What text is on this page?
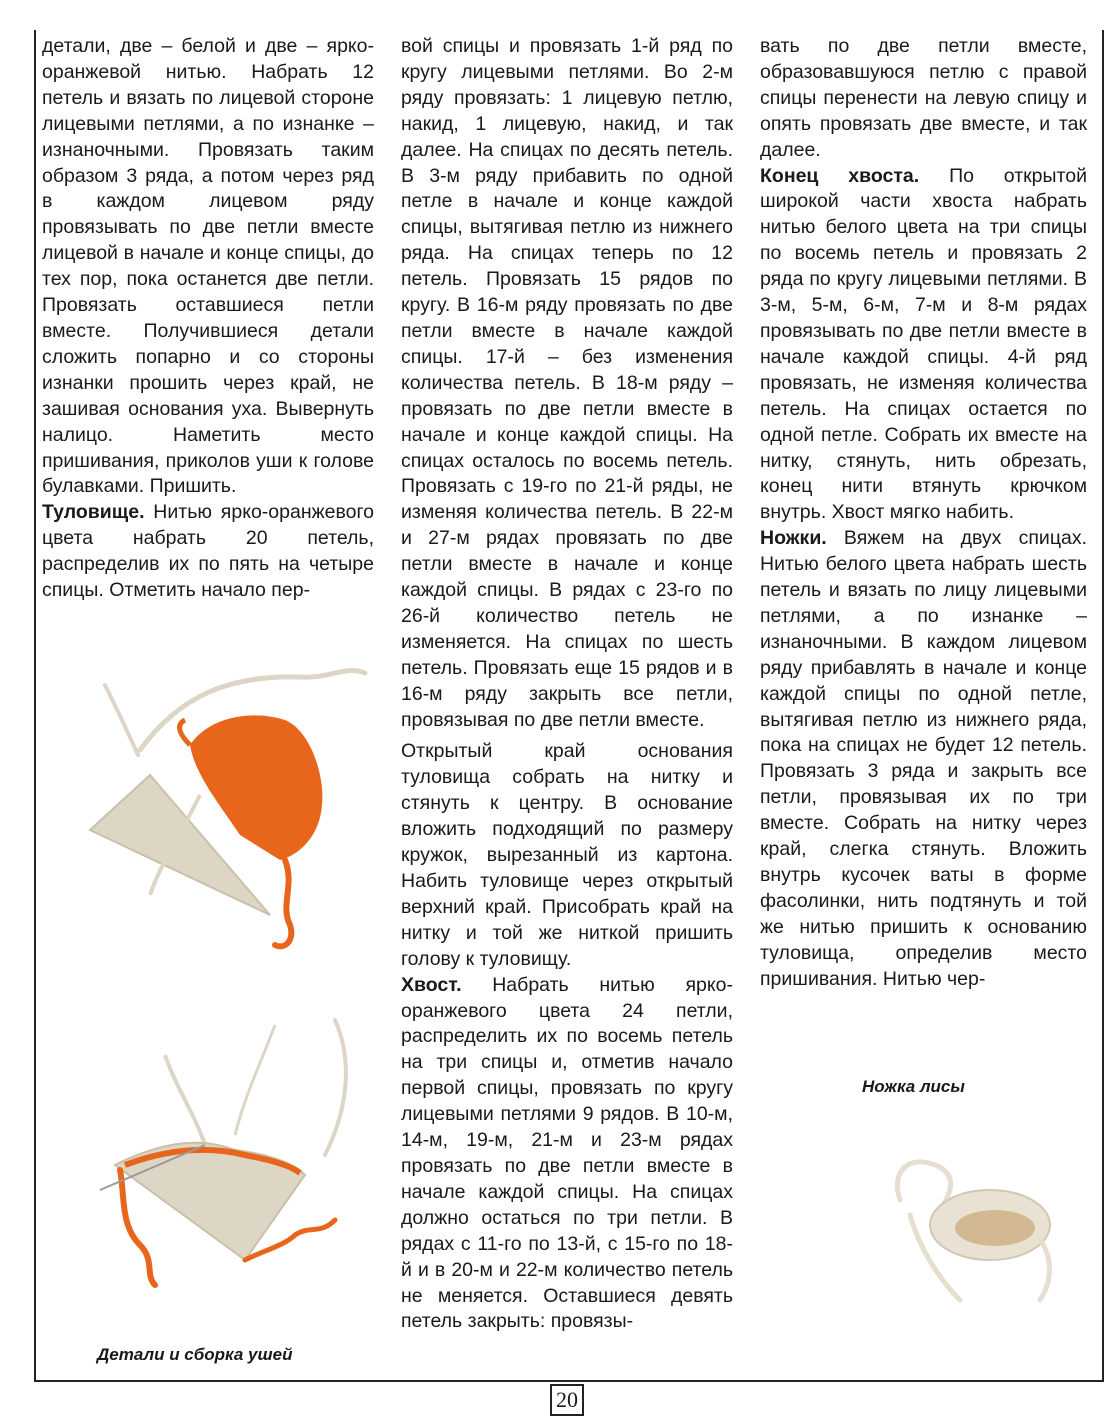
детали, две – белой и две – ярко-оранжевой нитью. Набрать 12 петель и вязать по лицевой стороне лицевыми петлями, а по изнанке – изнаночными. Провязать таким образом 3 ряда, а потом через ряд в каждом лицевом ряду провязывать по две петли вместе лицевой в начале и конце спицы, до тех пор, пока останется две петли. Провязать оставшиеся петли вместе. Получившиеся детали сложить попарно и со стороны изнанки прошить через край, не зашивая основания уха. Вывернуть налицо. Наметить место пришивания, приколов уши к голове булавками. Пришить.

Туловище. Нитью ярко-оранжевого цвета набрать 20 петель, распределив их по пять на четыре спицы. Отметить начало пер-

вой спицы и провязать 1-й ряд по кругу лицевыми петлями. Во 2-м ряду провязать: 1 лицевую петлю, накид, 1 лицевую, накид, и так далее. На спицах по десять петель. В 3-м ряду прибавить по одной петле в начале и конце каждой спицы, вытягивая петлю из нижнего ряда. На спицах теперь по 12 петель. Провязать 15 рядов по кругу. В 16-м ряду провязать по две петли вместе в начале каждой спицы. 17-й – без изменения количества петель. В 18-м ряду – провязать по две петли вместе в начале и конце каждой спицы. На спицах осталось по восемь петель. Провязать с 19-го по 21-й ряды, не изменяя количества петель. В 22-м и 27-м рядах провязать по две петли вместе в начале и конце каждой спицы. В рядах с 23-го по 26-й количество петель не изменяется. На спицах по шесть петель. Провязать еще 15 рядов и в 16-м ряду закрыть все петли, провязывая по две петли вместе.

Открытый край основания туловища собрать на нитку и стянуть к центру. В основание вложить подходящий по размеру кружок, вырезанный из картона. Набить туловище через открытый верхний край. Присобрать край на нитку и той же ниткой пришить голову к туловищу.

Хвост. Набрать нитью ярко-оранжевого цвета 24 петли, распределить их по восемь петель на три спицы и, отметив начало первой спицы, провязать по кругу лицевыми петлями 9 рядов. В 10-м, 14-м, 19-м, 21-м и 23-м рядах провязать по две петли вместе в начале каждой спицы. На спицах должно остаться по три петли. В рядах с 11-го по 13-й, с 15-го по 18-й и в 20-м и 22-м количество петель не меняется. Оставшиеся девять петель закрыть: провязы-

вать по две петли вместе, образовавшуюся петлю с правой спицы перенести на левую спицу и опять провязать две вместе, и так далее.

Конец хвоста. По открытой широкой части хвоста набрать нитью белого цвета на три спицы по восемь петель и провязать 2 ряда по кругу лицевыми петлями. В 3-м, 5-м, 6-м, 7-м и 8-м рядах провязывать по две петли вместе в начале каждой спицы. 4-й ряд провязать, не изменяя количества петель. На спицах остается по одной петле. Собрать их вместе на нитку, стянуть, нить обрезать, конец нити втянуть крючком внутрь. Хвост мягко набить.

Ножки. Вяжем на двух спицах. Нитью белого цвета набрать шесть петель и вязать по лицу лицевыми петлями, а по изнанке – изнаночными. В каждом лицевом ряду прибавлять в начале и конце каждой спицы по одной петле, вытягивая петлю из нижнего ряда, пока на спицах не будет 12 петель. Провязать 3 ряда и закрыть все петли, провязывая их по три вместе. Собрать на нитку через край, слегка стянуть. Вложить внутрь кусочек ваты в форме фасолинки, нить подтянуть и той же нитью пришить к основанию туловища, определив место пришивания. Нитью чер-

Детали и сборка ушей
Ножка лисы
20
